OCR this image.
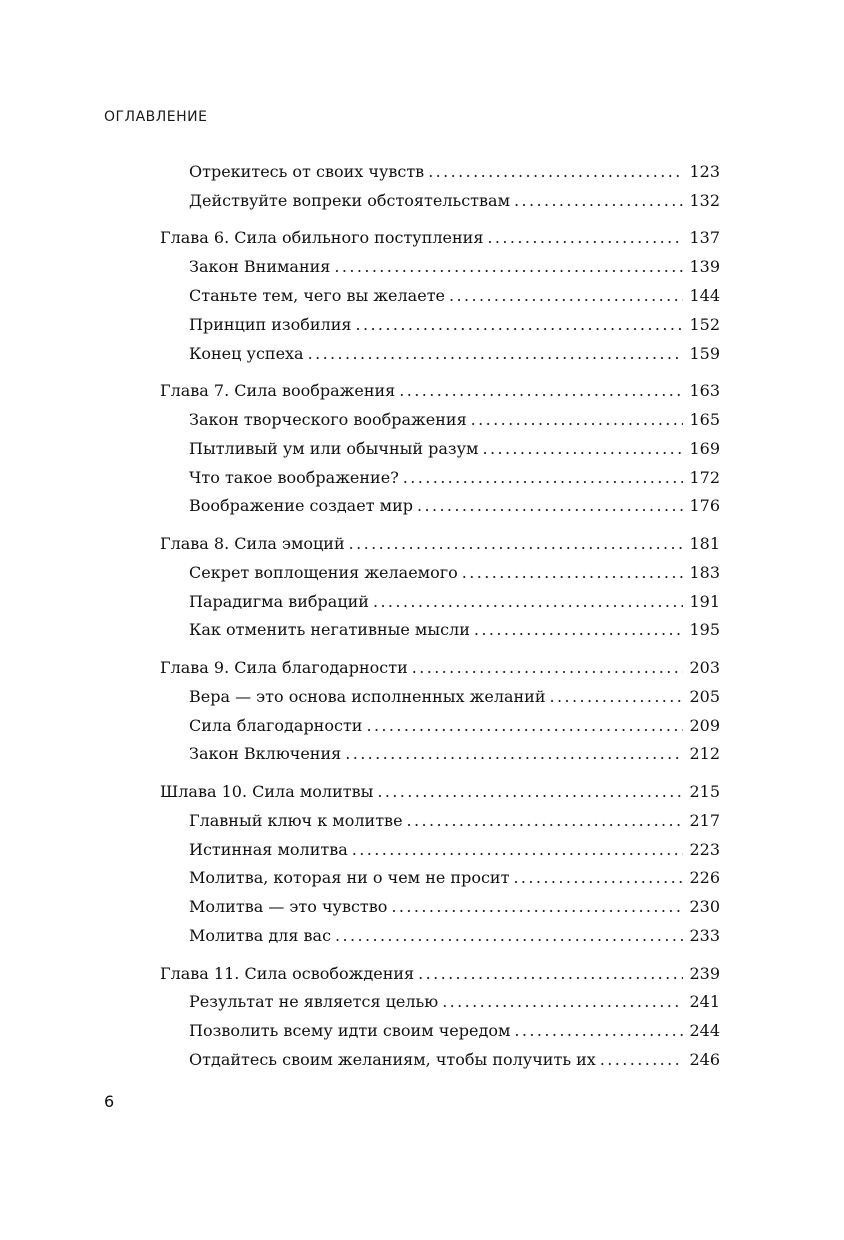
ОГЛАВЛЕНИЕ
Отрекитесь от своих чувств .....	123
Действуйте вопреки обстоятельствам .....	132
Глава 6. Сила обильного поступления .....	137
Закон Внимания .....	139
Станьте тем, чего вы желаете .....	144
Принцип изобилия .....	152
Конец успеха .....	159
Глава 7. Сила воображения .....	163
Закон творческого воображения .....	165
Пытливый ум или обычный разум .....	169
Что такое воображение? .....	172
Воображение создает мир .....	176
Глава 8. Сила эмоций .....	181
Секрет воплощения желаемого .....	183
Парадигма вибраций .....	191
Как отменить негативные мысли .....	195
Глава 9. Сила благодарности .....	203
Вера — это основа исполненных желаний .....	205
Сила благодарности .....	209
Закон Включения .....	212
Шлава 10. Сила молитвы .....	215
Главный ключ к молитве .....	217
Истинная молитва .....	223
Молитва, которая ни о чем не просит .....	226
Молитва — это чувство .....	230
Молитва для вас .....	233
Глава 11. Сила освобождения .....	239
Результат не является целью .....	241
Позволить всему идти своим чередом .....	244
Отдайтесь своим желаниям, чтобы получить их .....	246
6
